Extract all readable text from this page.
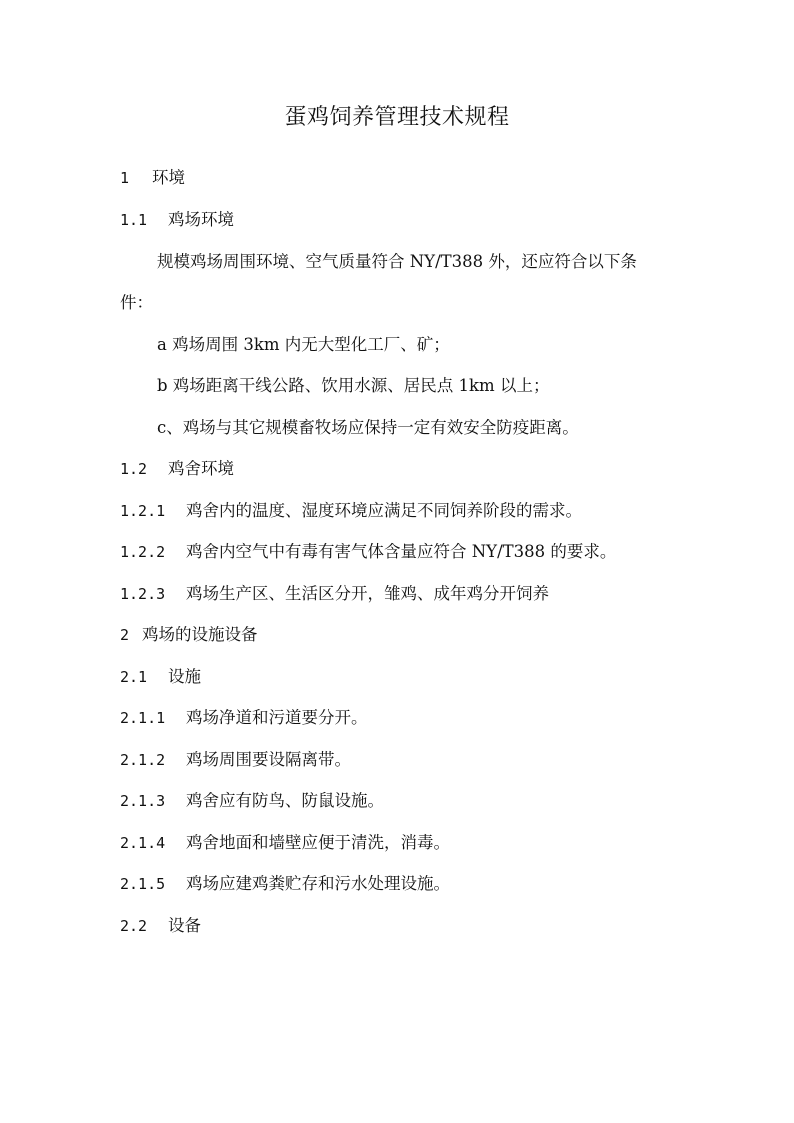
蛋鸡饲养管理技术规程
1 环境
1.1 鸡场环境
规模鸡场周围环境、空气质量符合 NY/T388 外，还应符合以下条
件：
a 鸡场周围 3km 内无大型化工厂、矿；
b 鸡场距离干线公路、饮用水源、居民点 1km 以上；
c、鸡场与其它规模畜牧场应保持一定有效安全防疫距离。
1.2 鸡舍环境
1.2.1 鸡舍内的温度、湿度环境应满足不同饲养阶段的需求。
1.2.2 鸡舍内空气中有毒有害气体含量应符合 NY/T388 的要求。
1.2.3 鸡场生产区、生活区分开，雏鸡、成年鸡分开饲养
2 鸡场的设施设备
2.1 设施
2.1.1 鸡场净道和污道要分开。
2.1.2 鸡场周围要设隔离带。
2.1.3 鸡舍应有防鸟、防鼠设施。
2.1.4 鸡舍地面和墙壁应便于清洗，消毒。
2.1.5 鸡场应建鸡粪贮存和污水处理设施。
2.2 设备
